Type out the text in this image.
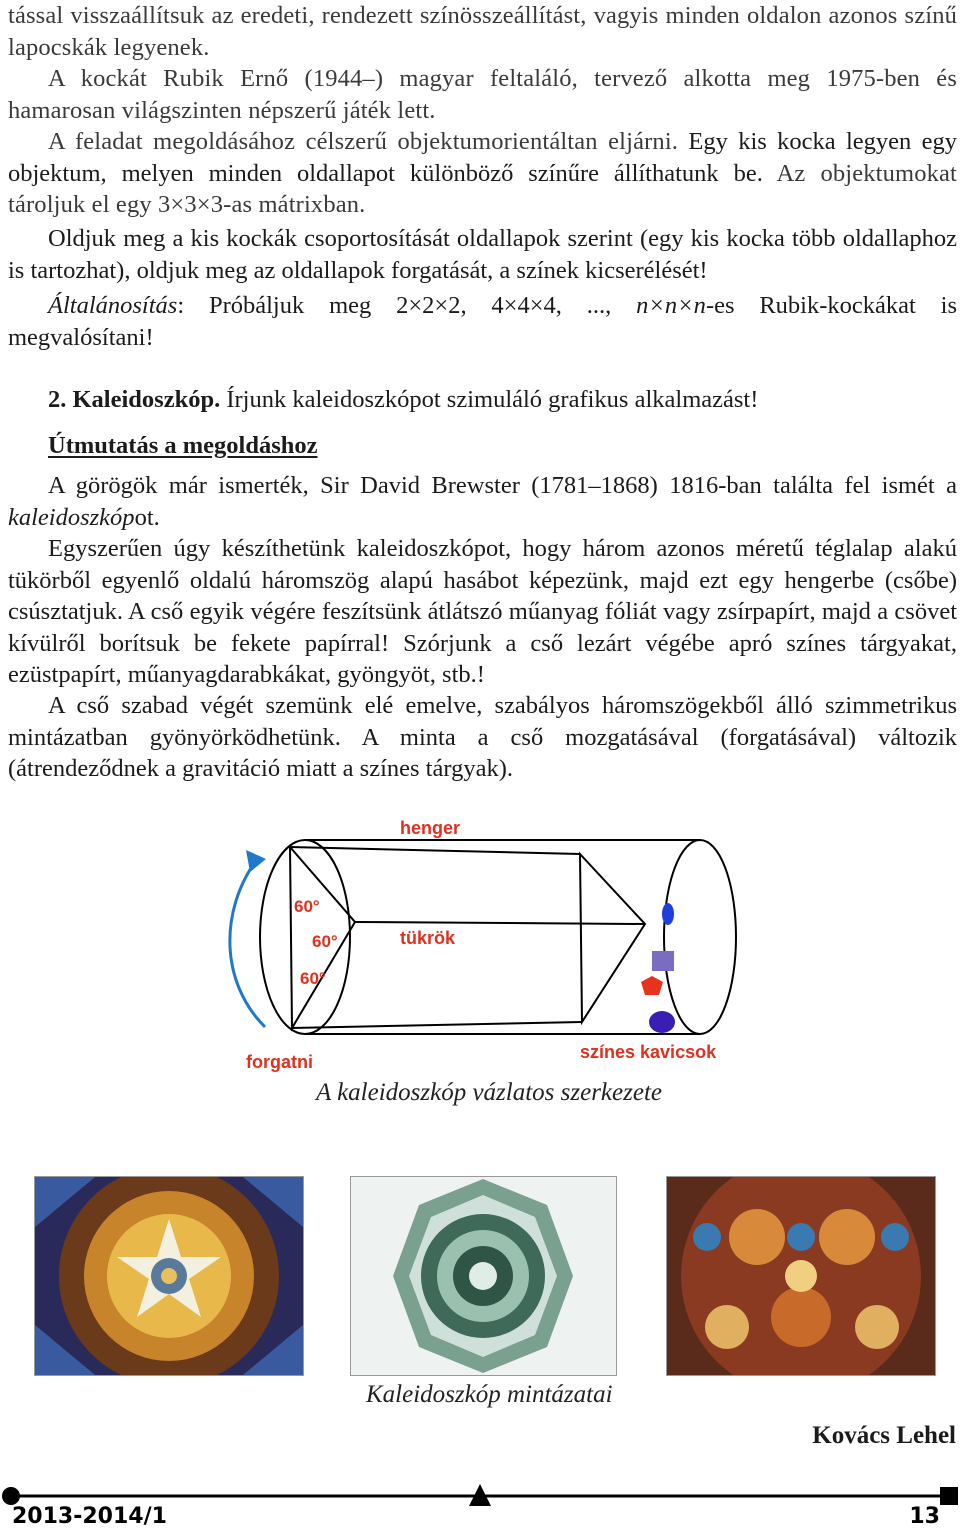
tással visszaállítsuk az eredeti, rendezett színösszeállítást, vagyis minden oldalon azonos színű lapocskák legyenek.

A kockát Rubik Ernő (1944–) magyar feltaláló, tervező alkotta meg 1975-ben és hamarosan világszinten népszerű játék lett.

A feladat megoldásához célszerű objektumorientáltan eljárni. Egy kis kocka legyen egy objektum, melyen minden oldallapot különböző színűre állíthatunk be. Az objektumokat tároljuk el egy 3×3×3-as mátrixban.

Oldjuk meg a kis kockák csoportosítását oldallapok szerint (egy kis kocka több oldallaphoz is tartozhat), oldjuk meg az oldallapok forgatását, a színek kicserélését!

Általánosítás: Próbáljuk meg 2×2×2, 4×4×4, ..., n×n×n-es Rubik-kockákat is megvalósítani!

2. Kaleidoszkóp. Írjunk kaleidoszkópot szimuláló grafikus alkalmazást!

Útmutatás a megoldáshoz

A görögök már ismerték, Sir David Brewster (1781–1868) 1816-ban találta fel ismét a kaleidoszkópot.

Egyszerűen úgy készíthetünk kaleidoszkópot, hogy három azonos méretű téglalap alakú tükörből egyenlő oldalú háromszög alapú hasábot képezünk, majd ezt egy hengerbe (csőbe) csúsztatjuk. A cső egyik végére feszítsünk átlátszó műanyag fóliát vagy zsírpapírt, majd a csövet kívülről borítsuk be fekete papírral! Szórjunk a cső lezárt végébe apró színes tárgyakat, ezüstpapírt, műanyagdarabkákat, gyöngyöt, stb.!

A cső szabad végét szemünk elé emelve, szabályos háromszögekből álló szimmetrikus mintázatban gyönyörködhetünk. A minta a cső mozgatásával (forgatásával) változik (átrendeződnek a gravitáció miatt a színes tárgyak).

henger
tükrök
színes kavicsok
forgatni
60°
60°
60°
A kaleidoszkóp vázlatos szerkezete
Kaleidoszkóp mintázatai
Kovács Lehel
2013-2014/1	13
